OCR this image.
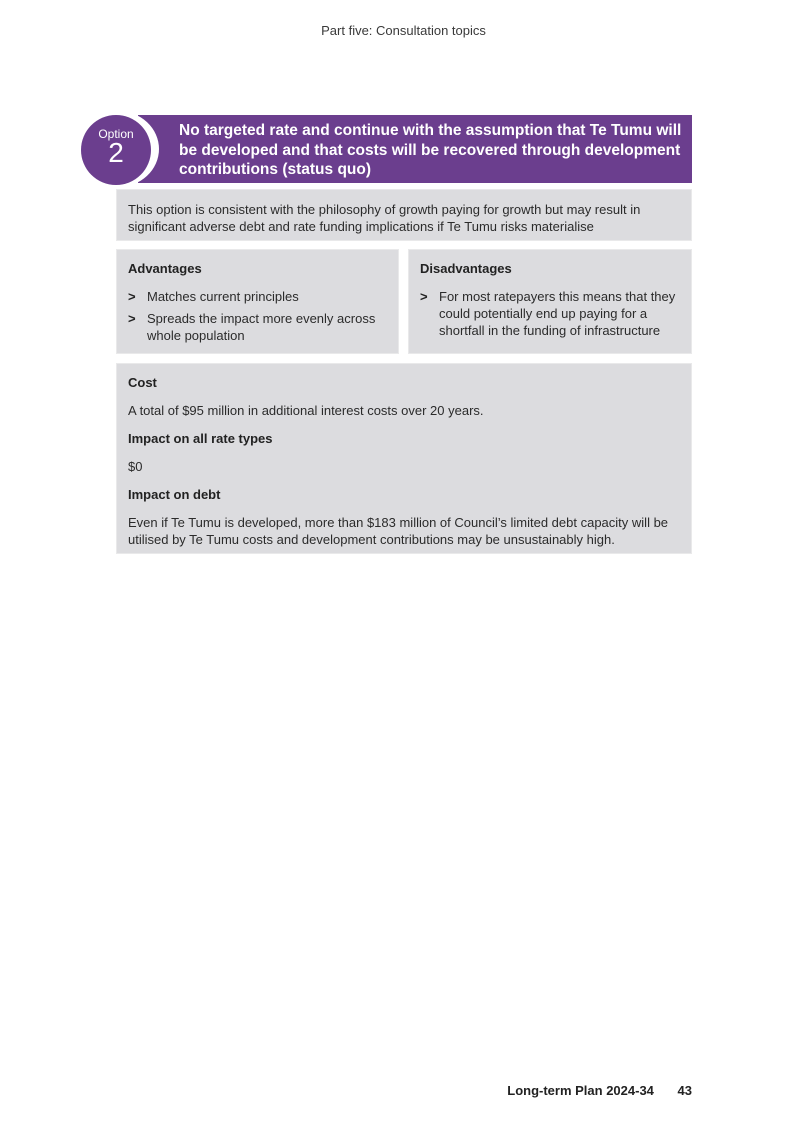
Part five: Consultation topics
Option
2
No targeted rate and continue with the assumption that Te Tumu will be developed and that costs will be recovered through development contributions (status quo)
This option is consistent with the philosophy of growth paying for growth but may result in significant adverse debt and rate funding implications if Te Tumu risks materialise
Advantages
> Matches current principles
> Spreads the impact more evenly across whole population
Disadvantages
> For most ratepayers this means that they could potentially end up paying for a shortfall in the funding of infrastructure
Cost
A total of $95 million in additional interest costs over 20 years.
Impact on all rate types
$0
Impact on debt
Even if Te Tumu is developed, more than $183 million of Council’s limited debt capacity will be utilised by Te Tumu costs and development contributions may be unsustainably high.
Long-term Plan 2024-34 43
